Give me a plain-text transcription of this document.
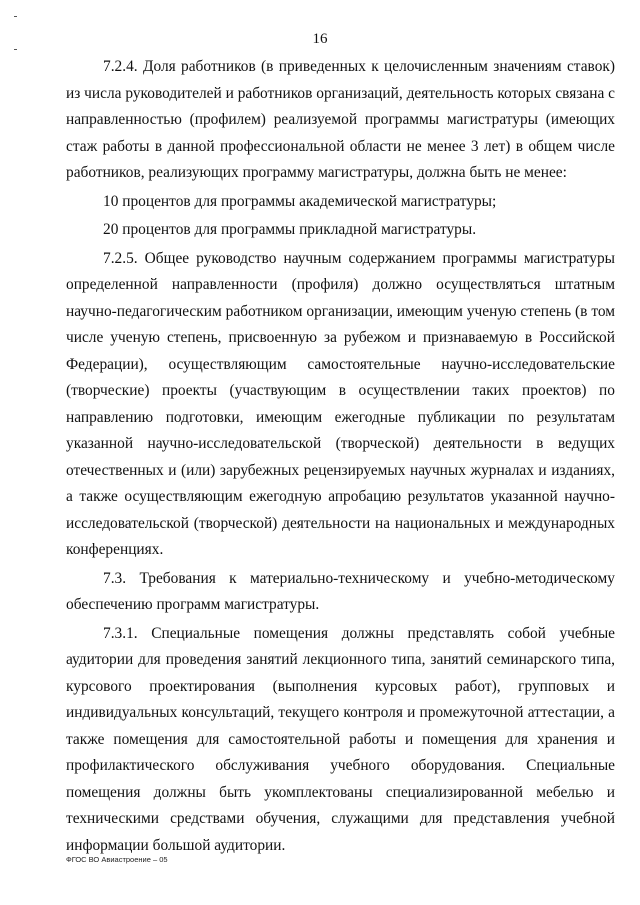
16

7.2.4. Доля работников (в приведенных к целочисленным значениям ставок) из числа руководителей и работников организаций, деятельность которых связана с направленностью (профилем) реализуемой программы магистратуры (имеющих стаж работы в данной профессиональной области не менее 3 лет) в общем числе работников, реализующих программу магистратуры, должна быть не менее:

10 процентов для программы академической магистратуры;

20 процентов для программы прикладной магистратуры.

7.2.5. Общее руководство научным содержанием программы магистратуры определенной направленности (профиля) должно осуществляться штатным научно-педагогическим работником организации, имеющим ученую степень (в том числе ученую степень, присвоенную за рубежом и признаваемую в Российской Федерации), осуществляющим самостоятельные научно-исследовательские (творческие) проекты (участвующим в осуществлении таких проектов) по направлению подготовки, имеющим ежегодные публикации по результатам указанной научно-исследовательской (творческой) деятельности в ведущих отечественных и (или) зарубежных рецензируемых научных журналах и изданиях, а также осуществляющим ежегодную апробацию результатов указанной научно-исследовательской (творческой) деятельности на национальных и международных конференциях.

7.3. Требования к материально-техническому и учебно-методическому обеспечению программ магистратуры.

7.3.1. Специальные помещения должны представлять собой учебные аудитории для проведения занятий лекционного типа, занятий семинарского типа, курсового проектирования (выполнения курсовых работ), групповых и индивидуальных консультаций, текущего контроля и промежуточной аттестации, а также помещения для самостоятельной работы и помещения для хранения и профилактического обслуживания учебного оборудования. Специальные помещения должны быть укомплектованы специализированной мебелью и техническими средствами обучения, служащими для представления учебной информации большой аудитории.

ФГОС ВО Авиастроение – 05
